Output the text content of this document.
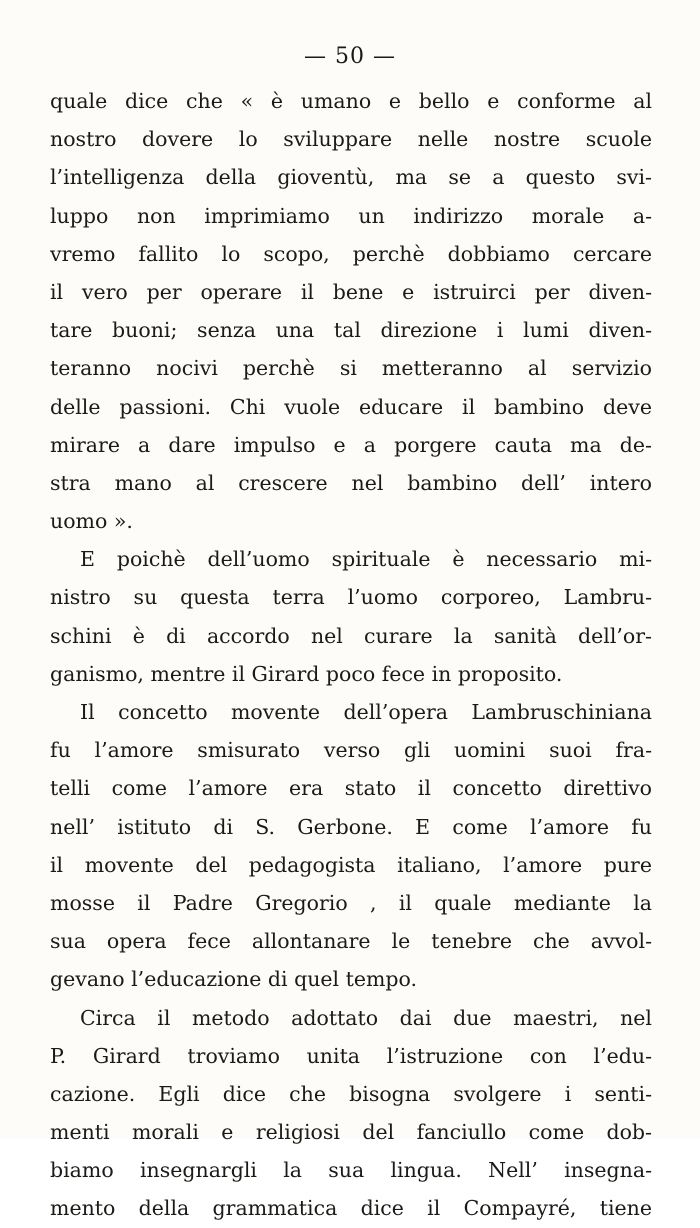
— 50 —
quale dice che « è umano e bello e conforme al
nostro dovere lo sviluppare nelle nostre scuole
l’intelligenza della gioventù, ma se a questo svi-
luppo non imprimiamo un indirizzo morale a-
vremo fallito lo scopo, perchè dobbiamo cercare
il vero per operare il bene e istruirci per diven-
tare buoni; senza una tal direzione i lumi diven-
teranno nocivi perchè si metteranno al servizio
delle passioni. Chi vuole educare il bambino deve
mirare a dare impulso e a porgere cauta ma de-
stra mano al crescere nel bambino dell’ intero
uomo ».
E poichè dell’uomo spirituale è necessario mi-
nistro su questa terra l’uomo corporeo, Lambru-
schini è di accordo nel curare la sanità dell’or-
ganismo, mentre il Girard poco fece in proposito.
Il concetto movente dell’opera Lambruschiniana
fu l’amore smisurato verso gli uomini suoi fra-
telli come l’amore era stato il concetto direttivo
nell’ istituto di S. Gerbone. E come l’amore fu
il movente del pedagogista italiano, l’amore pure
mosse il Padre Gregorio , il quale mediante la
sua opera fece allontanare le tenebre che avvol-
gevano l’educazione di quel tempo.
Circa il metodo adottato dai due maestri, nel
P. Girard troviamo unita l’istruzione con l’edu-
cazione. Egli dice che bisogna svolgere i senti-
menti morali e religiosi del fanciullo come dob-
biamo insegnargli la sua lingua. Nell’ insegna-
mento della grammatica dice il Compayré, tiene
